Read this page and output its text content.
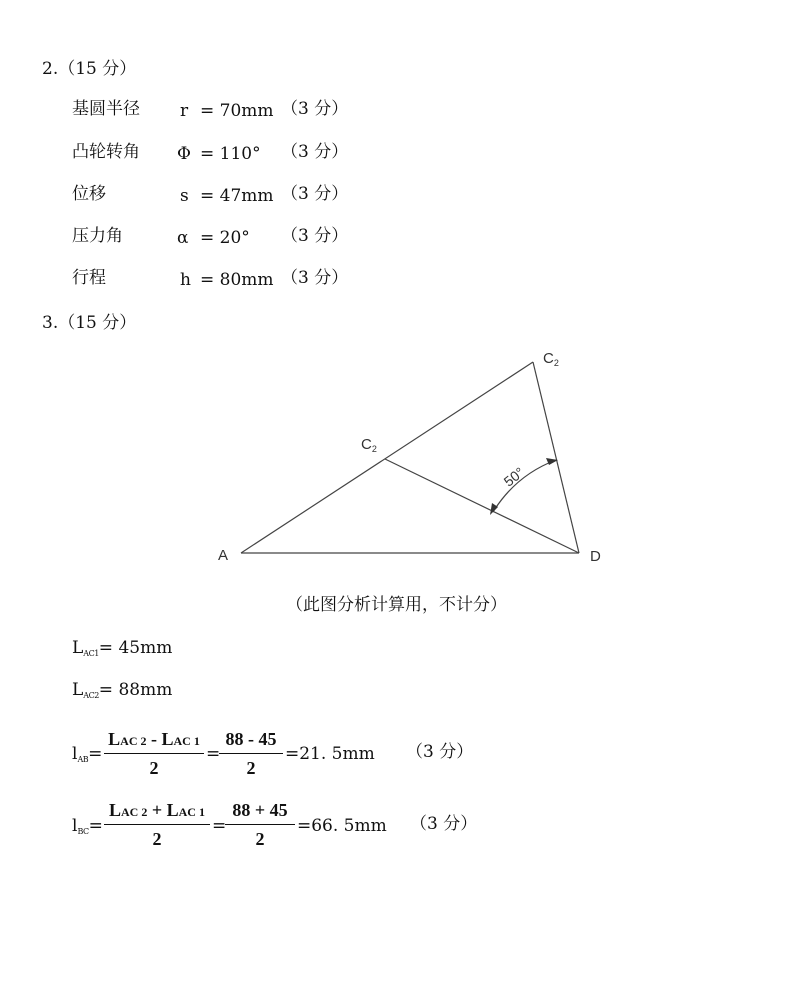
2.（15 分）
基圆半径 r = 70mm （3 分）
凸轮转角 Φ = 110° （3 分）
位移	s = 47mm （3 分）
压力角	α = 20° （3 分）
行程	h = 80mm （3 分）
3.（15 分）
A	D
$C_2$
$C_2$
50°
（此图分析计算用，不计分）
LAC1= 45mm
LAC2= 88mm
lAB=
LAC 2 - LAC 1
2
=
88 - 45
2
=21. 5mm （3 分）
lBC=
LAC 2 + LAC 1
2
=
88 + 45
2
=66. 5mm （3 分）
